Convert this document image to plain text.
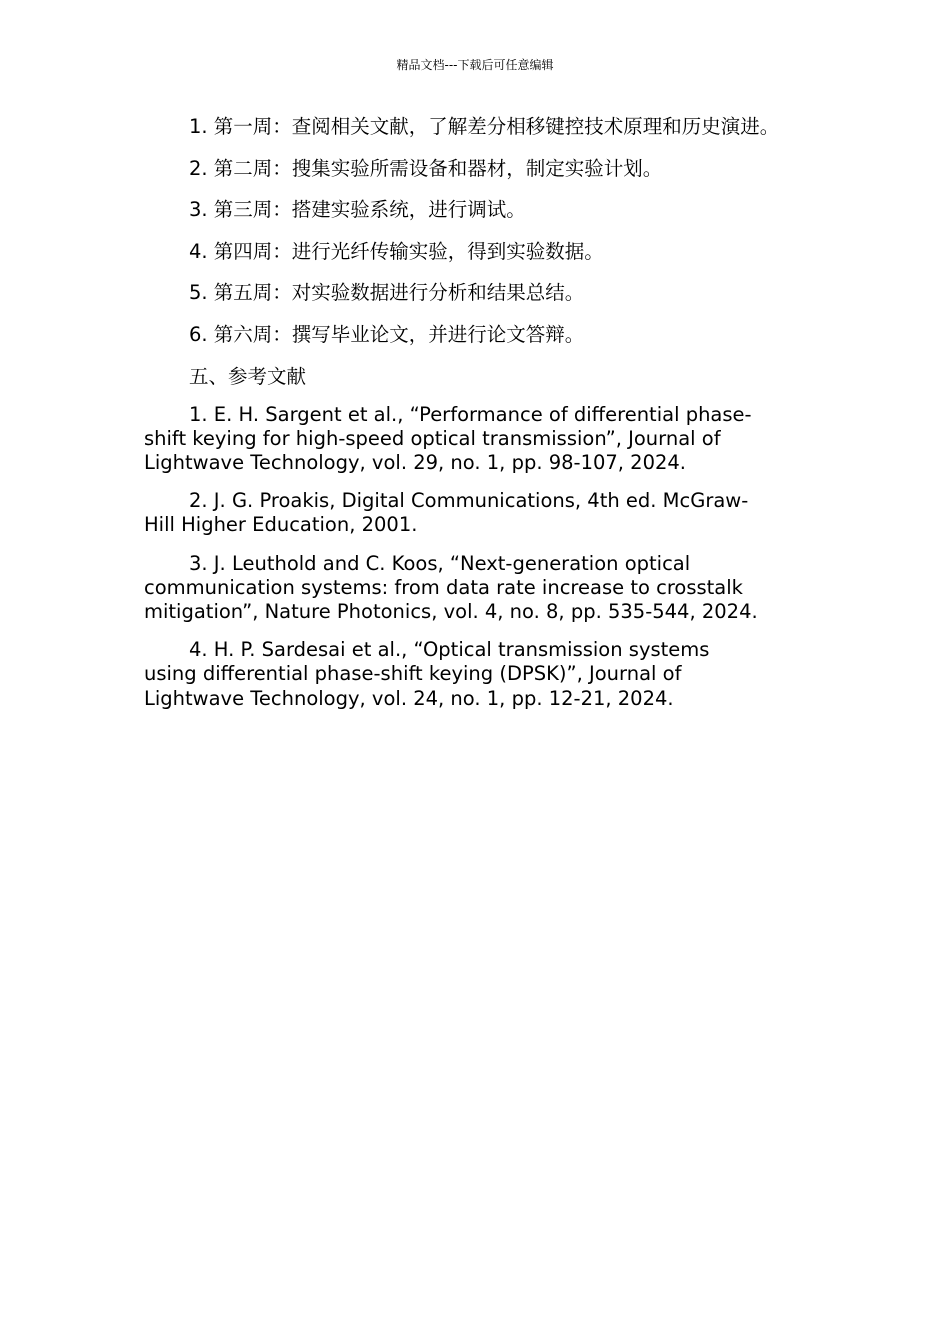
精品文档---下载后可任意编辑

1. 第一周：查阅相关文献，了解差分相移键控技术原理和历史演进。

2. 第二周：搜集实验所需设备和器材，制定实验计划。

3. 第三周：搭建实验系统，进行调试。

4. 第四周：进行光纤传输实验，得到实验数据。

5. 第五周：对实验数据进行分析和结果总结。

6. 第六周：撰写毕业论文，并进行论文答辩。

五、参考文献

1. E. H. Sargent et al., “Performance of differential phase-
shift keying for high-speed optical transmission”, Journal of
Lightwave Technology, vol. 29, no. 1, pp. 98-107, 2024.
2. J. G. Proakis, Digital Communications, 4th ed. McGraw-
Hill Higher Education, 2001.
3. J. Leuthold and C. Koos, “Next-generation optical
communication systems: from data rate increase to crosstalk
mitigation”, Nature Photonics, vol. 4, no. 8, pp. 535-544, 2024.
4. H. P. Sardesai et al., “Optical transmission systems
using differential phase-shift keying (DPSK)”, Journal of
Lightwave Technology, vol. 24, no. 1, pp. 12-21, 2024.
